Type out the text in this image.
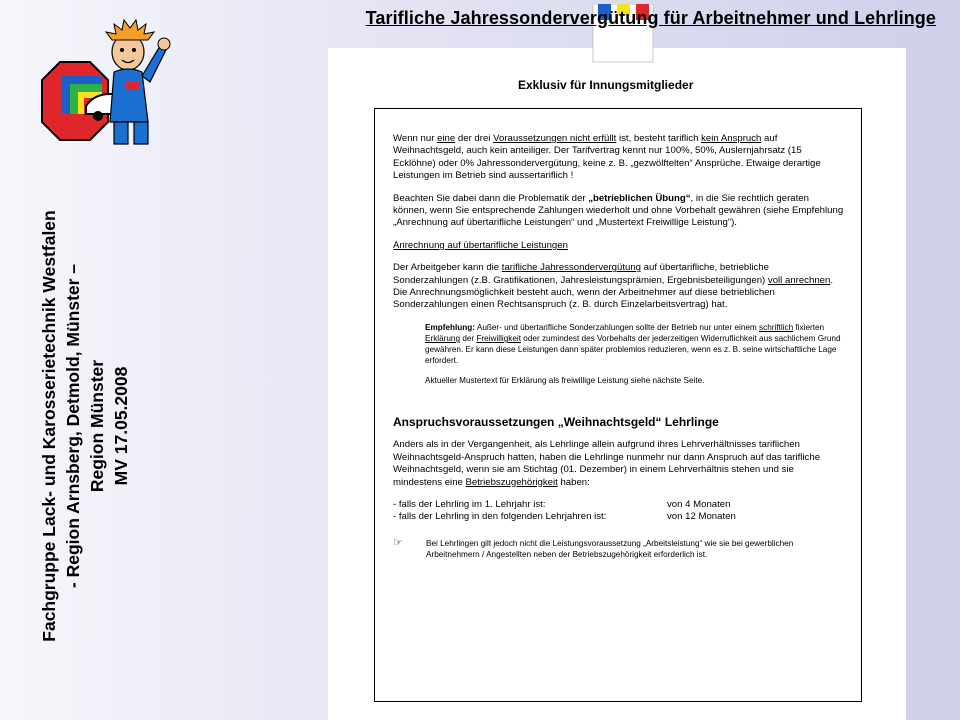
Tarifliche Jahressondervergütung für Arbeitnehmer und Lehrlinge
Fachgruppe Lack- und Karosserietechnik Westfalen - Region Arnsberg, Detmold, Münster – Region Münster MV 17.05.2008
Exklusiv für Innungsmitglieder

Wenn nur eine der drei Voraussetzungen nicht erfüllt ist, besteht tariflich kein Anspruch auf Weihnachtsgeld, auch kein anteiliger. Der Tarifvertrag kennt nur 100%, 50%, Auslernjahrsatz (15 Ecklöhne) oder 0% Jahressondervergütung, keine z. B. „gezwölftelten“ Ansprüche. Etwaige derartige Leistungen im Betrieb sind aussertariflich !

Beachten Sie dabei dann die Problematik der „betrieblichen Übung“, in die Sie rechtlich geraten können, wenn Sie entsprechende Zahlungen wiederholt und ohne Vorbehalt gewähren (siehe Empfehlung „Anrechnung auf übertarifliche Leistungen“ und „Mustertext Freiwillige Leistung“).

Anrechnung auf übertarifliche Leistungen

Der Arbeitgeber kann die tarifliche Jahressondervergütung auf übertarifliche, betriebliche Sonderzahlungen (z.B. Gratifikationen, Jahresleistungsprämien, Ergebnisbeteiligungen) voll anrechnen. Die Anrechnungsmöglichkeit besteht auch, wenn der Arbeitnehmer auf diese betrieblichen Sonderzahlungen einen Rechtsanspruch (z. B. durch Einzelarbeitsvertrag) hat.

Empfehlung: Außer- und übertarifliche Sonderzahlungen sollte der Betrieb nur unter einem schriftlich fixierten Erklärung der Freiwilligkeit oder zumindest des Vorbehalts der jederzeitigen Widerruflichkeit aus sachlichem Grund gewähren. Er kann diese Leistungen dann später problemlos reduzieren, wenn es z. B. seine wirtschaftliche Lage erfordert.

Aktueller Mustertext für Erklärung als freiwillige Leistung siehe nächste Seite.

Anspruchsvoraussetzungen „Weihnachtsgeld“ Lehrlinge

Anders als in der Vergangenheit, als Lehrlinge allein aufgrund ihres Lehrverhältnisses tariflichen Weihnachtsgeld-Anspruch hatten, haben die Lehrlinge nunmehr nur dann Anspruch auf das tarifliche Weihnachtsgeld, wenn sie am Stichtag (01. Dezember) in einem Lehrverhältnis stehen und sie mindestens eine Betriebszugehörigkeit haben:

- falls der Lehrling im 1. Lehrjahr ist:	von 4 Monaten
- falls der Lehrling in den folgenden Lehrjahren ist:	von 12 Monaten
☞	Bei Lehrlingen gilt jedoch nicht die Leistungsvoraussetzung „Arbeitsleistung“ wie sie bei gewerblichen Arbeitnehmern / Angestellten neben der Betriebszugehörigkeit erforderlich ist.
